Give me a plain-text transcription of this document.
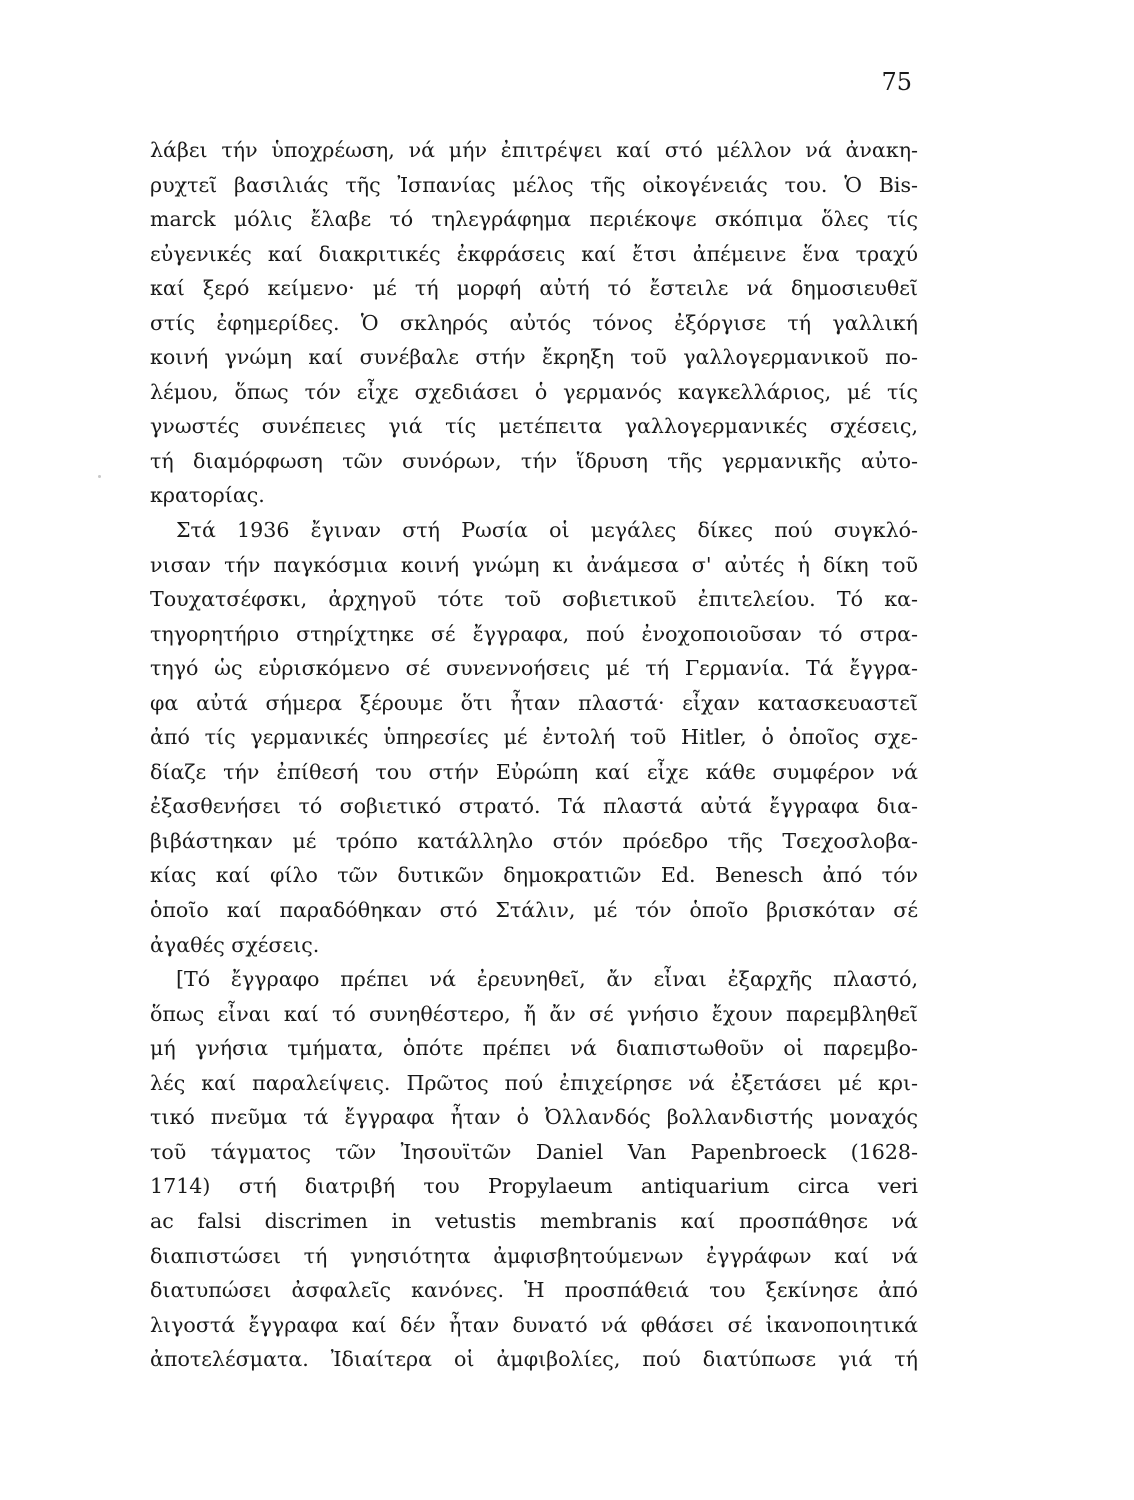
75
λάβει τήν ὑποχρέωση, νά μήν ἐπιτρέψει καί στό μέλλον νά ἀνακη-
ρυχτεῖ βασιλιάς τῆς Ἰσπανίας μέλος τῆς οἰκογένειάς του. Ὁ Bis-
marck μόλις ἔλαβε τό τηλεγράφημα περιέκοψε σκόπιμα ὅλες τίς
εὐγενικές καί διακριτικές ἐκφράσεις καί ἔτσι ἀπέμεινε ἕνα τραχύ
καί ξερό κείμενο· μέ τή μορφή αὐτή τό ἔστειλε νά δημοσιευθεῖ
στίς ἐφημερίδες. Ὁ σκληρός αὐτός τόνος ἐξόργισε τή γαλλική
κοινή γνώμη καί συνέβαλε στήν ἔκρηξη τοῦ γαλλογερμανικοῦ πο-
λέμου, ὅπως τόν εἶχε σχεδιάσει ὁ γερμανός καγκελλάριος, μέ τίς
γνωστές συνέπειες γιά τίς μετέπειτα γαλλογερμανικές σχέσεις,
τή διαμόρφωση τῶν συνόρων, τήν ἵδρυση τῆς γερμανικῆς αὐτο-
κρατορίας.
Στά 1936 ἔγιναν στή Ρωσία οἱ μεγάλες δίκες πού συγκλό-
νισαν τήν παγκόσμια κοινή γνώμη κι ἀνάμεσα σ' αὐτές ἡ δίκη τοῦ
Τουχατσέφσκι, ἀρχηγοῦ τότε τοῦ σοβιετικοῦ ἐπιτελείου. Τό κα-
τηγορητήριο στηρίχτηκε σέ ἔγγραφα, πού ἐνοχοποιοῦσαν τό στρα-
τηγό ὡς εὑρισκόμενο σέ συνεννοήσεις μέ τή Γερμανία. Τά ἔγγρα-
φα αὐτά σήμερα ξέρουμε ὅτι ἦταν πλαστά· εἶχαν κατασκευαστεῖ
ἀπό τίς γερμανικές ὑπηρεσίες μέ ἐντολή τοῦ Hitler, ὁ ὁποῖος σχε-
δίαζε τήν ἐπίθεσή του στήν Εὐρώπη καί εἶχε κάθε συμφέρον νά
ἐξασθενήσει τό σοβιετικό στρατό. Τά πλαστά αὐτά ἔγγραφα δια-
βιβάστηκαν μέ τρόπο κατάλληλο στόν πρόεδρο τῆς Τσεχοσλοβα-
κίας καί φίλο τῶν δυτικῶν δημοκρατιῶν Ed. Benesch ἀπό τόν
ὁποῖο καί παραδόθηκαν στό Στάλιν, μέ τόν ὁποῖο βρισκόταν σέ
ἀγαθές σχέσεις.
[Τό ἔγγραφο πρέπει νά ἐρευνηθεῖ, ἄν εἶναι ἐξαρχῆς πλαστό,
ὅπως εἶναι καί τό συνηθέστερο, ἤ ἄν σέ γνήσιο ἔχουν παρεμβληθεῖ
μή γνήσια τμήματα, ὁπότε πρέπει νά διαπιστωθοῦν οἱ παρεμβο-
λές καί παραλείψεις. Πρῶτος πού ἐπιχείρησε νά ἐξετάσει μέ κρι-
τικό πνεῦμα τά ἔγγραφα ἦταν ὁ Ὀλλανδός βολλανδιστής μοναχός
τοῦ τάγματος τῶν Ἰησουϊτῶν Daniel Van Papenbroeck (1628-
1714) στή διατριβή του Propylaeum antiquarium circa veri
ac falsi discrimen in vetustis membranis καί προσπάθησε νά
διαπιστώσει τή γνησιότητα ἀμφισβητούμενων ἐγγράφων καί νά
διατυπώσει ἀσφαλεῖς κανόνες. Ἡ προσπάθειά του ξεκίνησε ἀπό
λιγοστά ἔγγραφα καί δέν ἦταν δυνατό νά φθάσει σέ ἱκανοποιητικά
ἀποτελέσματα. Ἰδιαίτερα οἱ ἀμφιβολίες, πού διατύπωσε γιά τή
